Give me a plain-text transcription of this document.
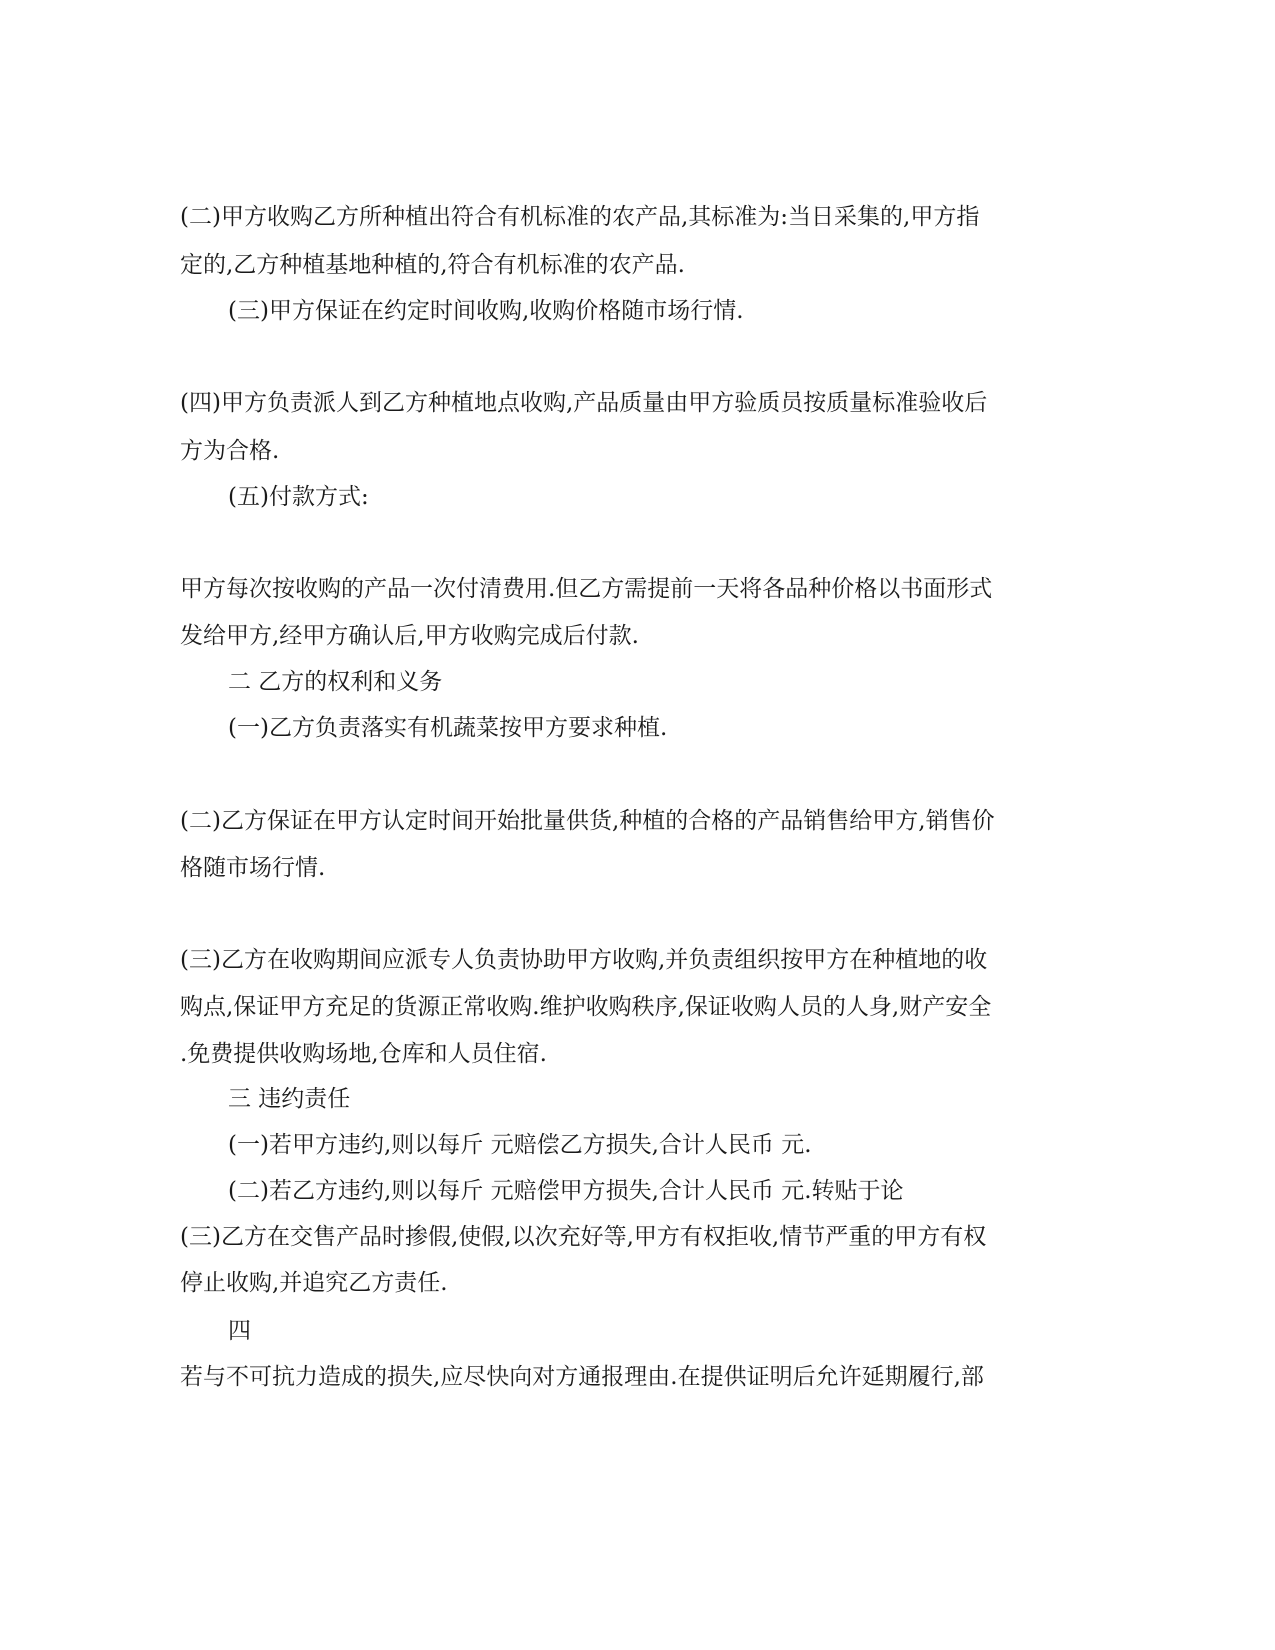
(二)甲方收购乙方所种植出符合有机标准的农产品,其标准为:当日采集的,甲方指
定的,乙方种植基地种植的,符合有机标准的农产品.
(三)甲方保证在约定时间收购,收购价格随市场行情.
(四)甲方负责派人到乙方种植地点收购,产品质量由甲方验质员按质量标准验收后
方为合格.
(五)付款方式:
甲方每次按收购的产品一次付清费用.但乙方需提前一天将各品种价格以书面形式
发给甲方,经甲方确认后,甲方收购完成后付款.
二 乙方的权利和义务
(一)乙方负责落实有机蔬菜按甲方要求种植.
(二)乙方保证在甲方认定时间开始批量供货,种植的合格的产品销售给甲方,销售价
格随市场行情.
(三)乙方在收购期间应派专人负责协助甲方收购,并负责组织按甲方在种植地的收
购点,保证甲方充足的货源正常收购.维护收购秩序,保证收购人员的人身,财产安全
.免费提供收购场地,仓库和人员住宿.
三 违约责任
(一)若甲方违约,则以每斤 元赔偿乙方损失,合计人民币 元.
(二)若乙方违约,则以每斤 元赔偿甲方损失,合计人民币 元.转贴于论
(三)乙方在交售产品时掺假,使假,以次充好等,甲方有权拒收,情节严重的甲方有权
停止收购,并追究乙方责任.
四
若与不可抗力造成的损失,应尽快向对方通报理由.在提供证明后允许延期履行,部
